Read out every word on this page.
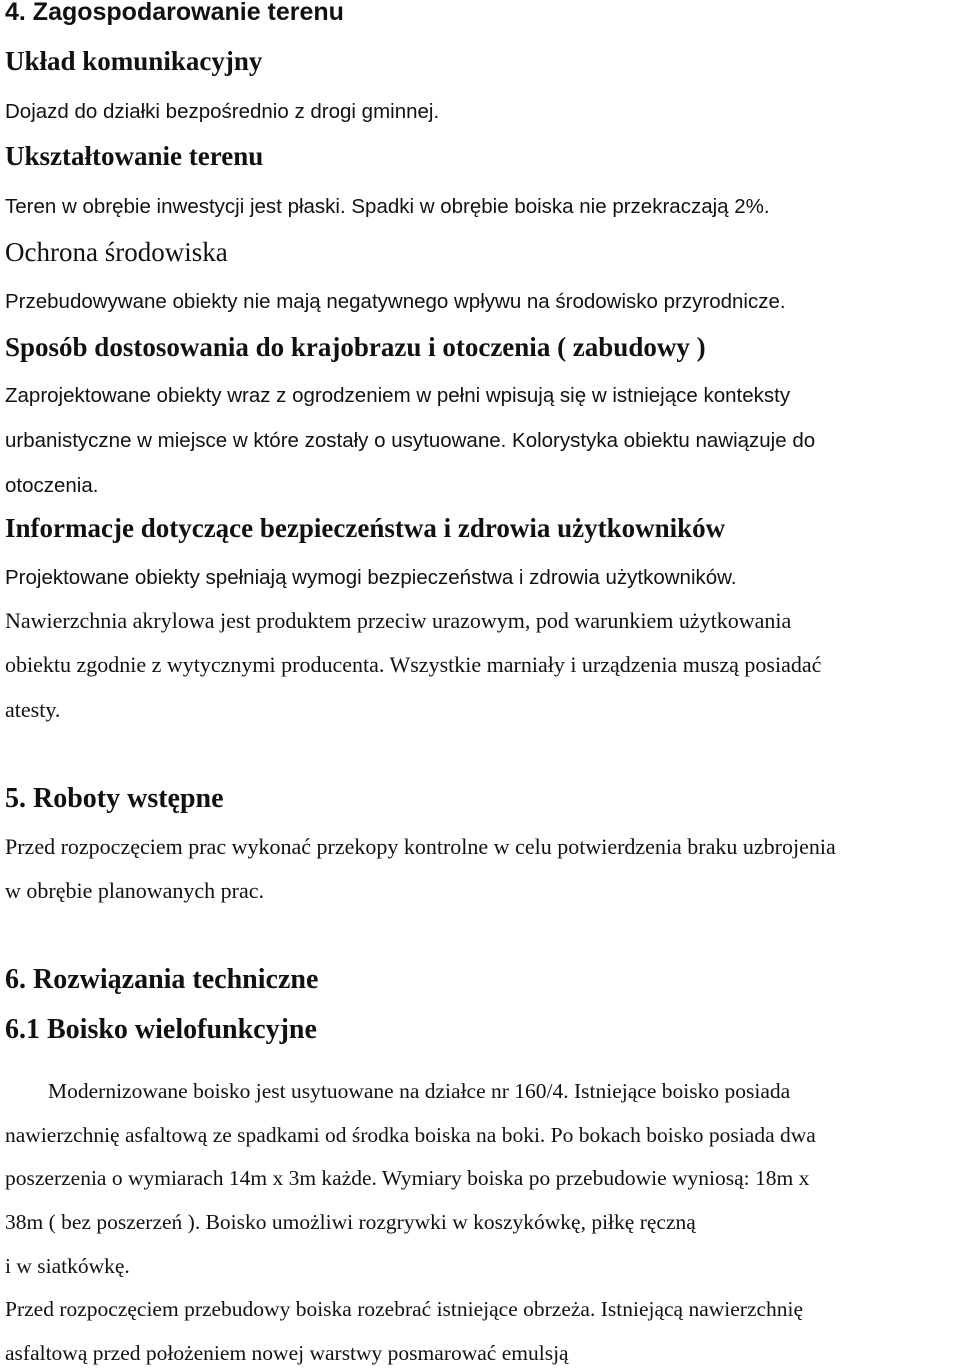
4. Zagospodarowanie terenu

Układ komunikacyjny

Dojazd do działki bezpośrednio z drogi gminnej.

Ukształtowanie terenu

Teren w obrębie inwestycji jest płaski. Spadki w obrębie boiska nie przekraczają 2%.

Ochrona środowiska

Przebudowywane obiekty nie mają negatywnego wpływu na środowisko przyrodnicze.

Sposób dostosowania do krajobrazu i otoczenia ( zabudowy )

Zaprojektowane obiekty wraz z ogrodzeniem w pełni wpisują się w istniejące konteksty

urbanistyczne w miejsce w które zostały o usytuowane. Kolorystyka obiektu nawiązuje do

otoczenia.

Informacje dotyczące bezpieczeństwa i zdrowia użytkowników

Projektowane obiekty spełniają wymogi bezpieczeństwa i zdrowia użytkowników.

Nawierzchnia akrylowa jest produktem przeciw urazowym, pod warunkiem użytkowania

obiektu zgodnie z wytycznymi producenta. Wszystkie marniały i urządzenia muszą posiadać

atesty.

5. Roboty wstępne

Przed rozpoczęciem prac wykonać przekopy kontrolne w celu potwierdzenia braku uzbrojenia

w obrębie planowanych prac.

6. Rozwiązania techniczne

6.1 Boisko wielofunkcyjne

Modernizowane boisko jest usytuowane na działce nr 160/4. Istniejące boisko posiada

nawierzchnię asfaltową ze spadkami od środka boiska na boki. Po bokach boisko posiada dwa

poszerzenia o wymiarach 14m x 3m każde. Wymiary boiska po przebudowie wyniosą: 18m x

38m ( bez poszerzeń ). Boisko umożliwi rozgrywki w koszykówkę, piłkę ręczną

i w siatkówkę.

Przed rozpoczęciem przebudowy boiska rozebrać istniejące obrzeża. Istniejącą nawierzchnię

asfaltową przed położeniem nowej warstwy posmarować emulsją
